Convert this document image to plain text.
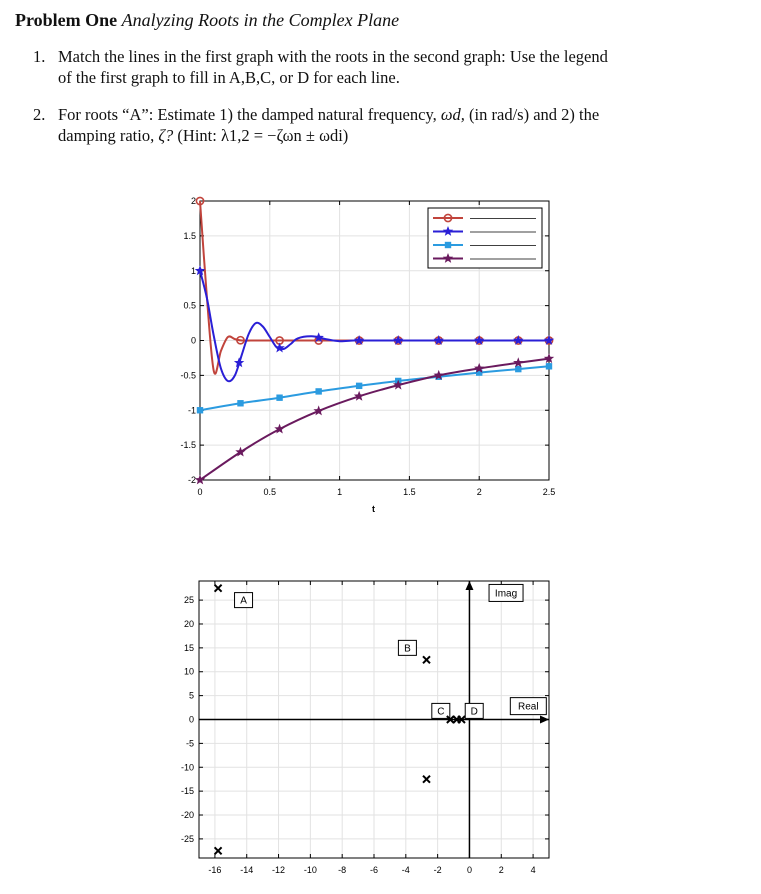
Problem One Analyzing Roots in the Complex Plane
1. Match the lines in the first graph with the roots in the second graph: Use the legend
of the first graph to fill in A,B,C, or D for each line.
2. For roots “A”: Estimate 1) the damped natural frequency, ωd, (in rad/s) and 2) the
damping ratio, ζ? (Hint: λ1,2 = −ζωn ± ωdi)
0	0.5	1	1.5	2	2.5
2
1.5
1
0.5
0
-0.5
-1
-1.5
-2
t
-16 -14 -12 -10 -8	-6	-4	-2	0	2	4
25
20
15
10
5
0
-5
-10
-15
-20
-25
Imag
Real
A
B
C	D
